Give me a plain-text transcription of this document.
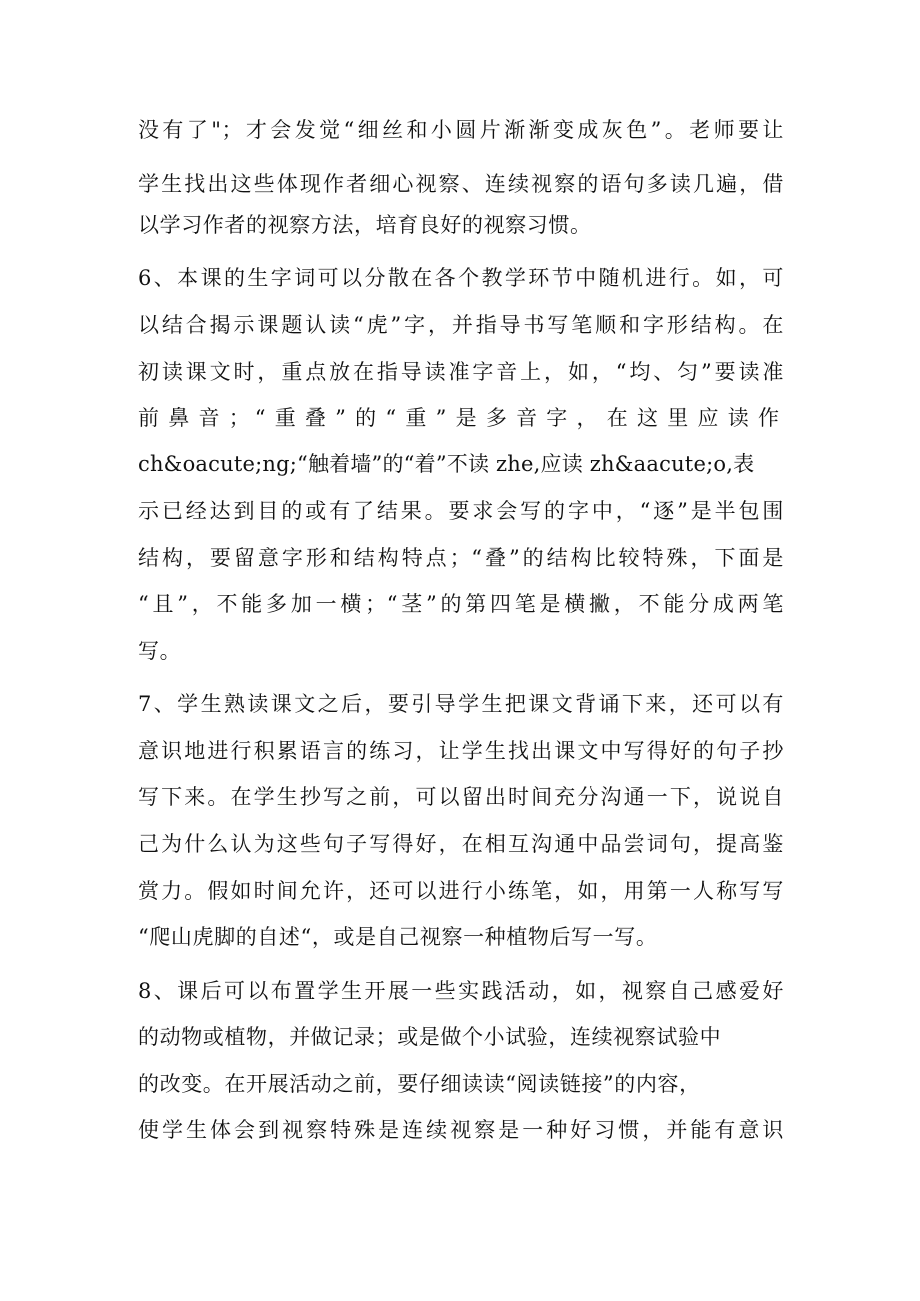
没有了"；才会发觉“细丝和小圆片渐渐变成灰色”。老师要让

学生找出这些体现作者细心视察、连续视察的语句多读几遍，借

以学习作者的视察方法，培育良好的视察习惯。

6、本课的生字词可以分散在各个教学环节中随机进行。如，可

以结合揭示课题认读“虎”字，并指导书写笔顺和字形结构。在

初读课文时，重点放在指导读准字音上，如，“均、匀”要读准

前鼻音；“重叠”的“重”是多音字，在这里应读作

ch&oacute;ng;“触着墙”的“着”不读 zhe,应读 zh&aacute;o,表

示已经达到目的或有了结果。要求会写的字中，“逐”是半包围

结构，要留意字形和结构特点；“叠”的结构比较特殊，下面是

“且”，不能多加一横；“茎”的第四笔是横撇，不能分成两笔

写。

7、学生熟读课文之后，要引导学生把课文背诵下来，还可以有

意识地进行积累语言的练习，让学生找出课文中写得好的句子抄

写下来。在学生抄写之前，可以留出时间充分沟通一下，说说自

己为什么认为这些句子写得好，在相互沟通中品尝词句，提高鉴

赏力。假如时间允许，还可以进行小练笔，如，用第一人称写写

“爬山虎脚的自述“，或是自己视察一种植物后写一写。

8、课后可以布置学生开展一些实践活动，如，视察自己感爱好

的动物或植物，并做记录；或是做个小试验，连续视察试验中

的改变。在开展活动之前，要仔细读读“阅读链接”的内容，

使学生体会到视察特殊是连续视察是一种好习惯，并能有意识
